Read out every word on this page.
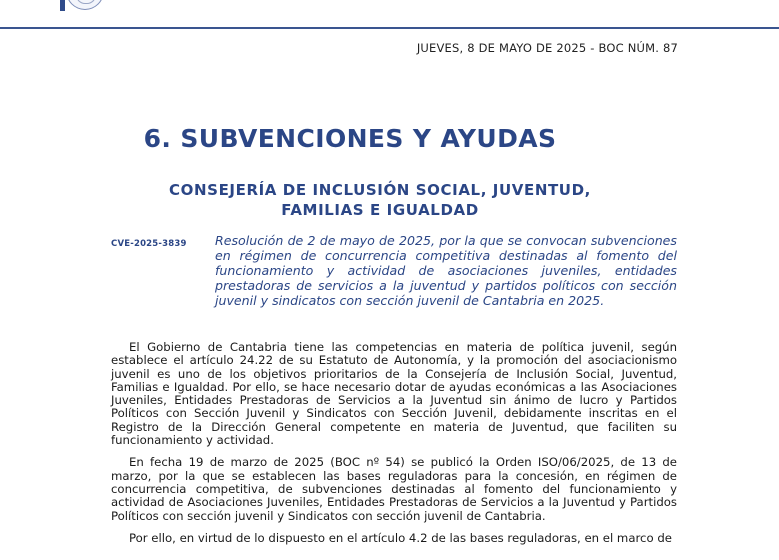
JUEVES, 8 DE MAYO DE 2025 - BOC NÚM. 87
6. SUBVENCIONES Y AYUDAS
CONSEJERÍA DE INCLUSIÓN SOCIAL, JUVENTUD,
FAMILIAS E IGUALDAD
CVE-2025-3839 Resolución de 2 de mayo de 2025, por la que se convocan subvenciones en régimen de concurrencia competitiva destinadas al fomento del funcionamiento y actividad de asociaciones juveniles, entidades prestadoras de servicios a la juventud y partidos políticos con sección juvenil y sindicatos con sección juvenil de Cantabria en 2025.

El Gobierno de Cantabria tiene las competencias en materia de política juvenil, según establece el artículo 24.22 de su Estatuto de Autonomía, y la promoción del asociacionismo juvenil es uno de los objetivos prioritarios de la Consejería de Inclusión Social, Juventud, Familias e Igualdad. Por ello, se hace necesario dotar de ayudas económicas a las Asociaciones Juveniles, Entidades Prestadoras de Servicios a la Juventud sin ánimo de lucro y Partidos Políticos con Sección Juvenil y Sindicatos con Sección Juvenil, debidamente inscritas en el Registro de la Dirección General competente en materia de Juventud, que faciliten su funcionamiento y actividad.

En fecha 19 de marzo de 2025 (BOC nº 54) se publicó la Orden ISO/06/2025, de 13 de marzo, por la que se establecen las bases reguladoras para la concesión, en régimen de concurrencia competitiva, de subvenciones destinadas al fomento del funcionamiento y actividad de Asociaciones Juveniles, Entidades Prestadoras de Servicios a la Juventud y Partidos Políticos con sección juvenil y Sindicatos con sección juvenil de Cantabria.

Por ello, en virtud de lo dispuesto en el artículo 4.2 de las bases reguladoras, en el marco de
